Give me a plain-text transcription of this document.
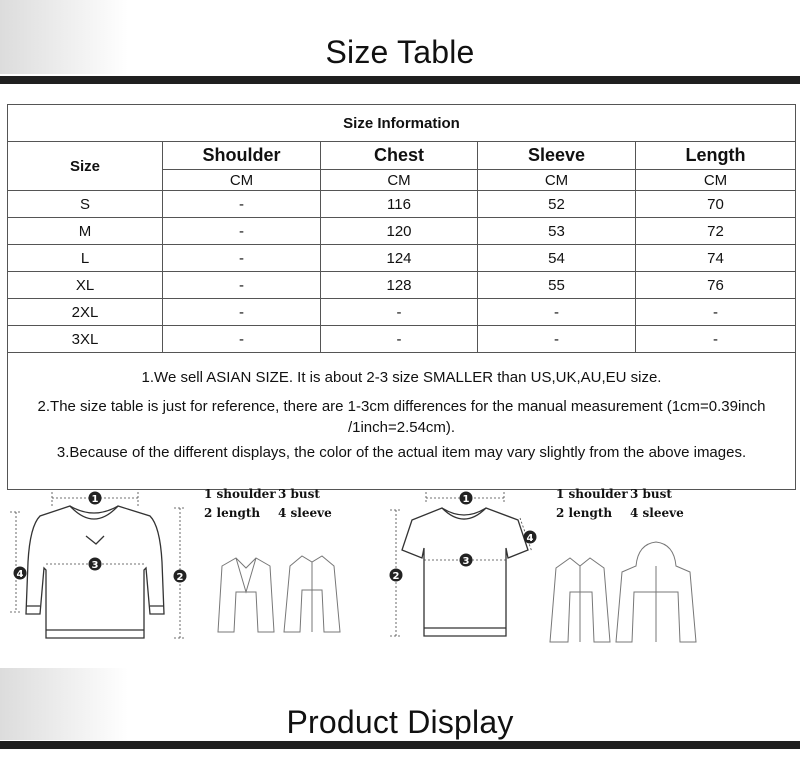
Size Table
Size Information				
Size	Shoulder	Chest	Sleeve	Length
	CM	CM	CM	CM
S	-	116	52	70
M	-	120	53	72
L	-	124	54	74
XL	-	128	55	76
2XL	-	-	-	-
3XL	-	-	-	-

1.We sell ASIAN SIZE. It is about 2-3 size SMALLER than US,UK,AU,EU size.

2.The size table is just for reference, there are 1-3cm differences for the manual measurement (1cm=0.39inch /1inch=2.54cm).

3.Because of the different displays, the color of the actual item may vary slightly from the above images.				

1
3
2
4
1 shoulder 3 bust
2 length 4 sleeve
1
3
2
4
1 shoulder 3 bust
2 length 4 sleeve
Product Display
